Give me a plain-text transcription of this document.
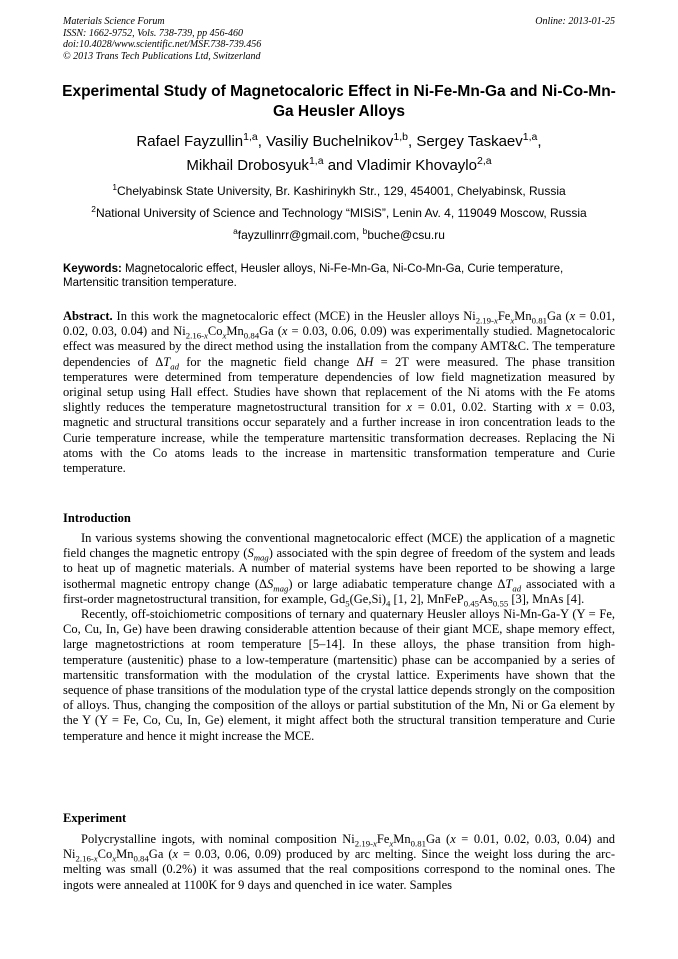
Materials Science Forum
ISSN: 1662-9752, Vols. 738-739, pp 456-460
doi:10.4028/www.scientific.net/MSF.738-739.456
© 2013 Trans Tech Publications Ltd, Switzerland
Online: 2013-01-25
Experimental Study of Magnetocaloric Effect in Ni-Fe-Mn-Ga and Ni-Co-Mn-Ga Heusler Alloys
Rafael Fayzullin$^{1,a}$, Vasiliy Buchelnikov$^{1,b}$, Sergey Taskaev$^{1,a}$,
Mikhail Drobosyuk$^{1,a}$ and Vladimir Khovaylo$^{2,a}$
$^1$Chelyabinsk State University, Br. Kashirinykh Str., 129, 454001, Chelyabinsk, Russia
$^2$National University of Science and Technology “MISiS”, Lenin Av. 4, 119049 Moscow, Russia
$^a$fayzullinrr@gmail.com, $^b$buche@csu.ru
Keywords: Magnetocaloric effect, Heusler alloys, Ni-Fe-Mn-Ga, Ni-Co-Mn-Ga, Curie temperature, Martensitic transition temperature.

Abstract. In this work the magnetocaloric effect (MCE) in the Heusler alloys $Ni_{2.19-x}Fe_xMn_{0.81}Ga$ (x = 0.01, 0.02, 0.03, 0.04) and $Ni_{2.16-x}Co_xMn_{0.84}Ga$ (x = 0.03, 0.06, 0.09) was experimentally studied. Magnetocaloric effect was measured by the direct method using the installation from the company AMT&C. The temperature dependencies of $\Delta T_{ad}$ for the magnetic field change ΔH = 2T were measured. The phase transition temperatures were determined from temperature dependencies of low field magnetization measured by original setup using Hall effect. Studies have shown that replacement of the Ni atoms with the Fe atoms slightly reduces the temperature magnetostructural transition for x = 0.01, 0.02. Starting with x = 0.03, magnetic and structural transitions occur separately and a further increase in iron concentration leads to the Curie temperature increase, while the temperature martensitic transformation decreases. Replacing the Ni atoms with the Co atoms leads to the increase in martensitic transformation temperature and Curie temperature.

Introduction

In various systems showing the conventional magnetocaloric effect (MCE) the application of a magnetic field changes the magnetic entropy $(S_{mag})$ associated with the spin degree of freedom of the system and leads to heat up of magnetic materials. A number of material systems have been reported to be showing a large isothermal magnetic entropy change $(\Delta S_{mag})$ or large adiabatic temperature change $\Delta T_{ad}$ associated with a first-order magnetostructural transition, for example, $Gd_5(Ge,Si)_4$ [1, 2], $MnFeP_{0.45}As_{0.55}$ [3], MnAs [4].

Recently, off-stoichiometric compositions of ternary and quaternary Heusler alloys Ni-Mn-Ga-Y (Y = Fe, Co, Cu, In, Ge) have been drawing considerable attention because of their giant MCE, shape memory effect, large magnetostrictions at room temperature [5–14]. In these alloys, the phase transition from high-temperature (austenitic) phase to a low-temperature (martensitic) phase can be accompanied by a series of martensitic transformation with the modulation of the crystal lattice. Experiments have shown that the sequence of phase transitions of the modulation type of the crystal lattice depends strongly on the composition of alloys. Thus, changing the composition of the alloys or partial substitution of the Mn, Ni or Ga element by the Y (Y = Fe, Co, Cu, In, Ge) element, it might affect both the structural transition temperature and Curie temperature and hence it might increase the MCE.

Experiment

Polycrystalline ingots, with nominal composition $Ni_{2.19-x}Fe_xMn_{0.81}Ga$ (x = 0.01, 0.02, 0.03, 0.04) and $Ni_{2.16-x}Co_xMn_{0.84}Ga$ (x = 0.03, 0.06, 0.09) produced by arc melting. Since the weight loss during the arc-melting was small (0.2%) it was assumed that the real compositions correspond to the nominal ones. The ingots were annealed at 1100K for 9 days and quenched in ice water. Samples
